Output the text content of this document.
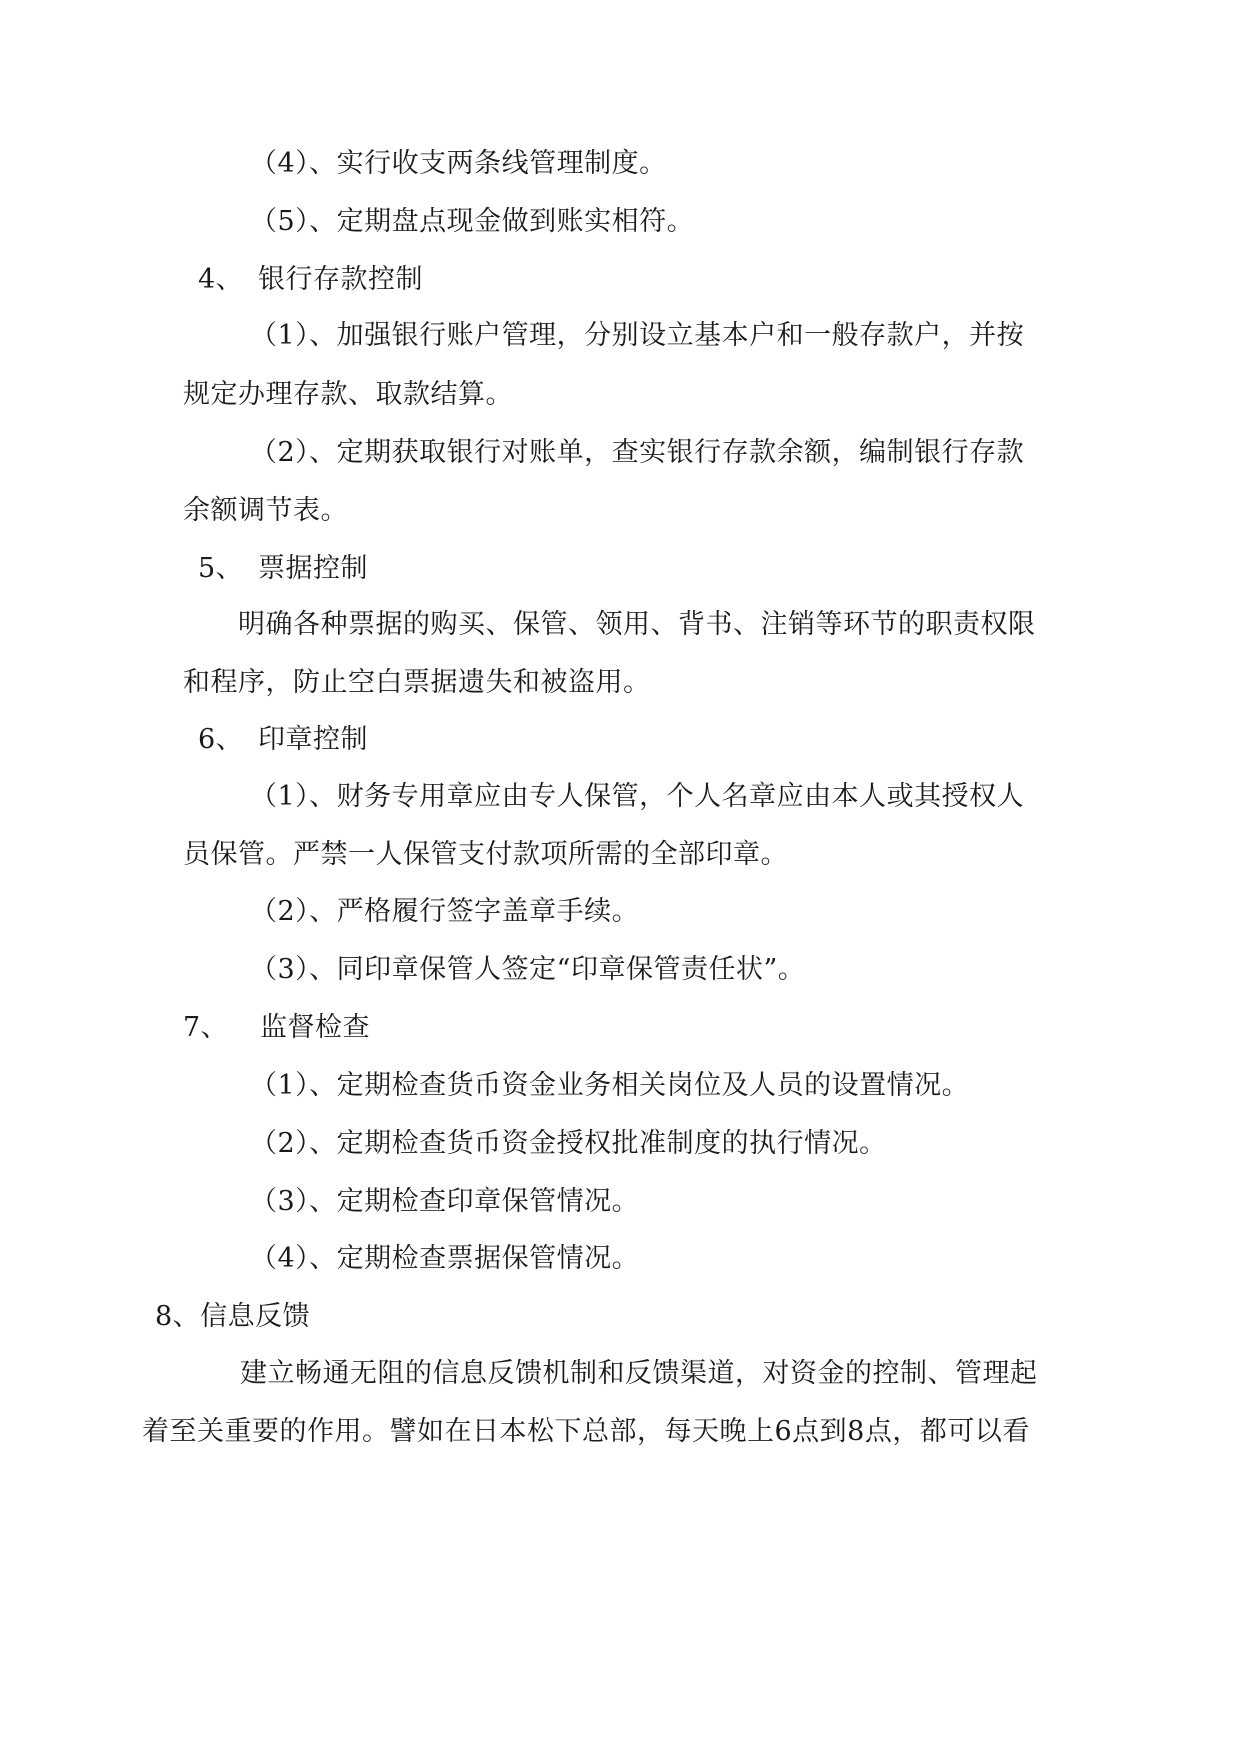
（4）、实行收支两条线管理制度。
（5）、定期盘点现金做到账实相符。
4、 银行存款控制
（1）、加强银行账户管理，分别设立基本户和一般存款户，并按
规定办理存款、取款结算。
（2）、定期获取银行对账单，查实银行存款余额，编制银行存款
余额调节表。
5、 票据控制
明确各种票据的购买、保管、领用、背书、注销等环节的职责权限
和程序，防止空白票据遗失和被盗用。
6、 印章控制
（1）、财务专用章应由专人保管，个人名章应由本人或其授权人
员保管。严禁一人保管支付款项所需的全部印章。
（2）、严格履行签字盖章手续。
（3）、同印章保管人签定“印章保管责任状”。
7、 监督检查
（1）、定期检查货币资金业务相关岗位及人员的设置情况。
（2）、定期检查货币资金授权批准制度的执行情况。
（3）、定期检查印章保管情况。
（4）、定期检查票据保管情况。
8、信息反馈
建立畅通无阻的信息反馈机制和反馈渠道，对资金的控制、管理起
着至关重要的作用。譬如在日本松下总部，每天晚上6点到8点，都可以看
